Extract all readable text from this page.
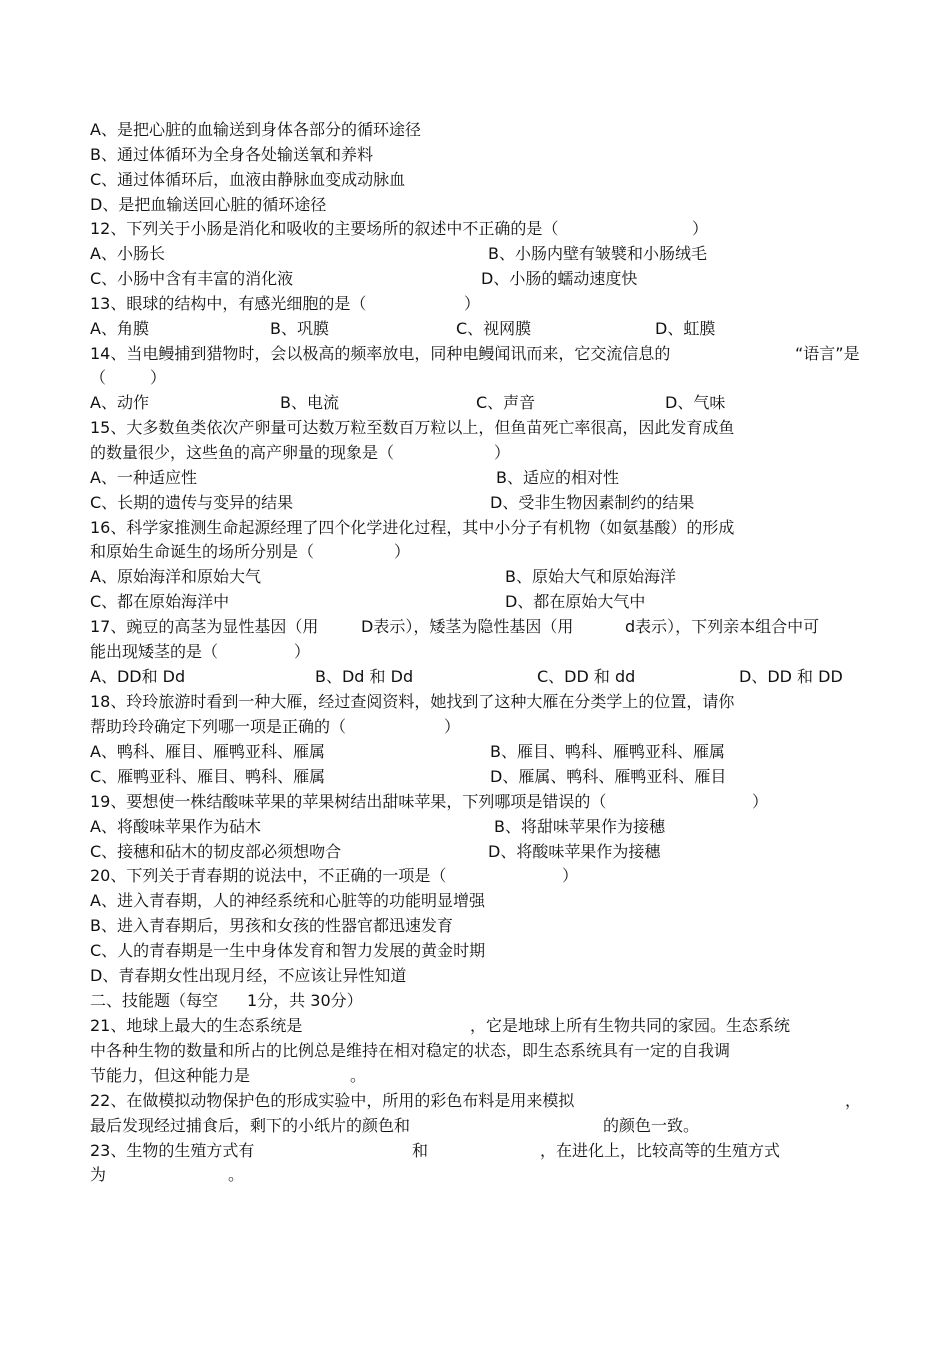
A、是把心脏的血输送到身体各部分的循环途径
B、通过体循环为全身各处输送氧和养料
C、通过体循环后，血液由静脉血变成动脉血
D、是把血输送回心脏的循环途径
12、下列关于小肠是消化和吸收的主要场所的叙述中不正确的是（	）
A、小肠长	B、小肠内壁有皱襞和小肠绒毛
C、小肠中含有丰富的消化液	D、小肠的蠕动速度快
13、眼球的结构中，有感光细胞的是（	）
A、角膜	B、巩膜	C、视网膜	D、虹膜
14、当电鳗捕到猎物时，会以极高的频率放电，同种电鳗闻讯而来，它交流信息的	“语言”是
（	）
A、动作	B、电流	C、声音	D、气味
15、大多数鱼类依次产卵量可达数万粒至数百万粒以上，但鱼苗死亡率很高，因此发育成鱼
的数量很少，这些鱼的高产卵量的现象是（	）
A、一种适应性	B、适应的相对性
C、长期的遗传与变异的结果	D、受非生物因素制约的结果
16、科学家推测生命起源经理了四个化学进化过程，其中小分子有机物（如氨基酸）的形成
和原始生命诞生的场所分别是（	）
A、原始海洋和原始大气	B、原始大气和原始海洋
C、都在原始海洋中	D、都在原始大气中
17、豌豆的高茎为显性基因（用	D表示），矮茎为隐性基因（用	d表示），下列亲本组合中可
能出现矮茎的是（	）
A、DD和 Dd	B、Dd 和 Dd	C、DD 和 dd	D、DD 和 DD
18、玲玲旅游时看到一种大雁，经过查阅资料，她找到了这种大雁在分类学上的位置，请你
帮助玲玲确定下列哪一项是正确的（	）
A、鸭科、雁目、雁鸭亚科、雁属	B、雁目、鸭科、雁鸭亚科、雁属
C、雁鸭亚科、雁目、鸭科、雁属	D、雁属、鸭科、雁鸭亚科、雁目
19、要想使一株结酸味苹果的苹果树结出甜味苹果，下列哪项是错误的（	）
A、将酸味苹果作为砧木	B、将甜味苹果作为接穗
C、接穗和砧木的韧皮部必须想吻合	D、将酸味苹果作为接穗
20、下列关于青春期的说法中，不正确的一项是（	）
A、进入青春期，人的神经系统和心脏等的功能明显增强
B、进入青春期后，男孩和女孩的性器官都迅速发育
C、人的青春期是一生中身体发育和智力发展的黄金时期
D、青春期女性出现月经，不应该让异性知道
二、技能题（每空 1分，共 30分）
21、地球上最大的生态系统是	，它是地球上所有生物共同的家园。生态系统
中各种生物的数量和所占的比例总是维持在相对稳定的状态，即生态系统具有一定的自我调
节能力，但这种能力是	。
22、在做模拟动物保护色的形成实验中，所用的彩色布料是用来模拟	，
最后发现经过捕食后，剩下的小纸片的颜色和	的颜色一致。
23、生物的生殖方式有	和	，在进化上，比较高等的生殖方式
为	。
